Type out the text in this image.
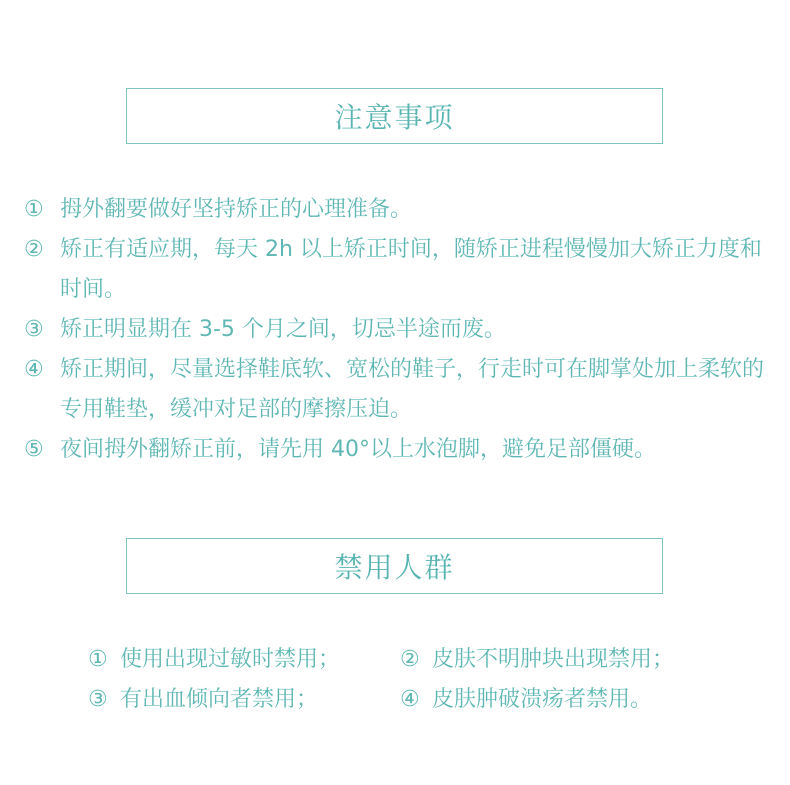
注意事项
① 拇外翻要做好坚持矫正的心理准备。
② 矫正有适应期，每天 2h 以上矫正时间，随矫正进程慢慢加大矫正力度和时间。
③ 矫正明显期在 3-5 个月之间，切忌半途而废。
④ 矫正期间，尽量选择鞋底软、宽松的鞋子，行走时可在脚掌处加上柔软的专用鞋垫，缓冲对足部的摩擦压迫。
⑤ 夜间拇外翻矫正前，请先用 40°以上水泡脚，避免足部僵硬。
禁用人群
① 使用出现过敏时禁用；	② 皮肤不明肿块出现禁用；
③ 有出血倾向者禁用；	④ 皮肤肿破溃疡者禁用。
